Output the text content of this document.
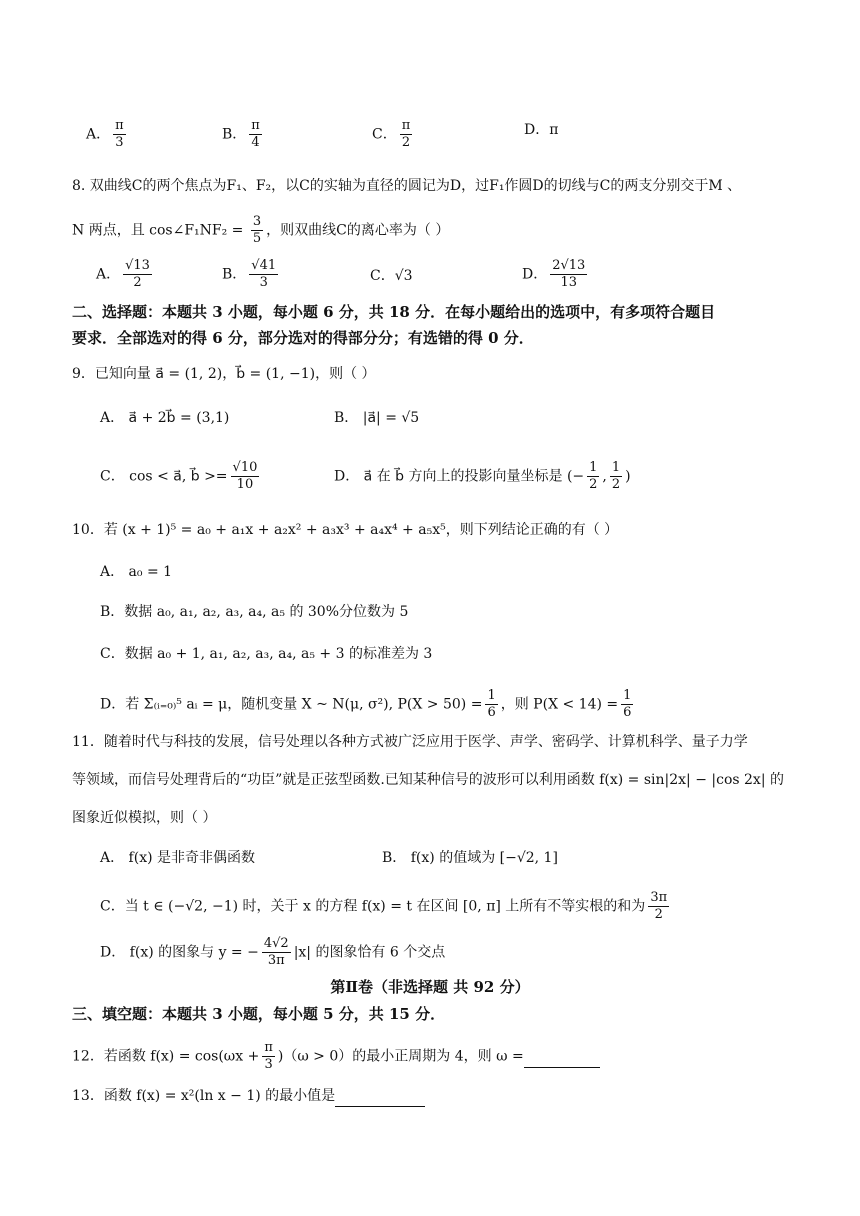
A． $\frac{\pi}{3}$	B． $\frac{\pi}{4}$	C． $\frac{\pi}{2}$	D．π
8. 双曲线C的两个焦点为F₁、F₂，以C的实轴为直径的圆记为D，过F₁作圆D的切线与C的两支分别交于M 、
N 两点，且 cos∠F₁NF₂ = $\frac{3}{5}$ ，则双曲线C的离心率为（ ）
A． $\frac{√13}{2}$	B． $\frac{√41}{3}$	C．√3	D． $\frac{2√13}{13}$
二、选择题：本题共 3 小题，每小题 6 分，共 18 分．在每小题给出的选项中，有多项符合题目
要求．全部选对的得 6 分，部分选对的得部分分；有选错的得 0 分．
9．已知向量 a⃗ = (1, 2)，b⃗ = (1, −1)，则（ ）
A． a⃗ + 2b⃗ = (3,1)	B． |a⃗| = √5
C． cos < a⃗, b⃗ >= $\frac{√10}{10}$	D． a⃗ 在 b⃗ 方向上的投影向量坐标是 (− $\frac{1}{2}$ , $\frac{1}{2}$ )
10．若 (x + 1)⁵ = a₀ + a₁x + a₂x² + a₃x³ + a₄x⁴ + a₅x⁵，则下列结论正确的有（ ）
A． a₀ = 1
B．数据 a₀, a₁, a₂, a₃, a₄, a₅ 的 30%分位数为 5
C．数据 a₀ + 1, a₁, a₂, a₃, a₄, a₅ + 3 的标准差为 3
D．若 Σ₍ᵢ₌₀₎⁵ aᵢ = μ，随机变量 X ~ N(μ, σ²), $P(X > 50) = \frac{1}{6}$ ，则 $P(X < 14) = \frac{1}{6}$
11．随着时代与科技的发展，信号处理以各种方式被广泛应用于医学、声学、密码学、计算机科学、量子力学
等领域，而信号处理背后的“功臣”就是正弦型函数.已知某种信号的波形可以利用函数 f(x) = sin|2x| − |cos 2x| 的
图象近似模拟，则（ ）
A． f(x) 是非奇非偶函数	B． f(x) 的值域为 [−√2, 1]
C．当 t ∈ (−√2, −1) 时，关于 x 的方程 f(x) = t 在区间 [0, π] 上所有不等实根的和为 $\frac{3\pi}{2}$
D． f(x) 的图象与 y = − $\frac{4√2}{3\pi} |x|$ 的图象恰有 6 个交点
第Ⅱ卷（非选择题 共 92 分）
三、填空题：本题共 3 小题，每小题 5 分，共 15 分．
12．若函数 $f(x) = \cos(\omega x + \frac{\pi}{3} )(\omega > 0)$的最小正周期为 4，则 ω =
13．函数 f(x) = x²(ln x − 1) 的最小值是
